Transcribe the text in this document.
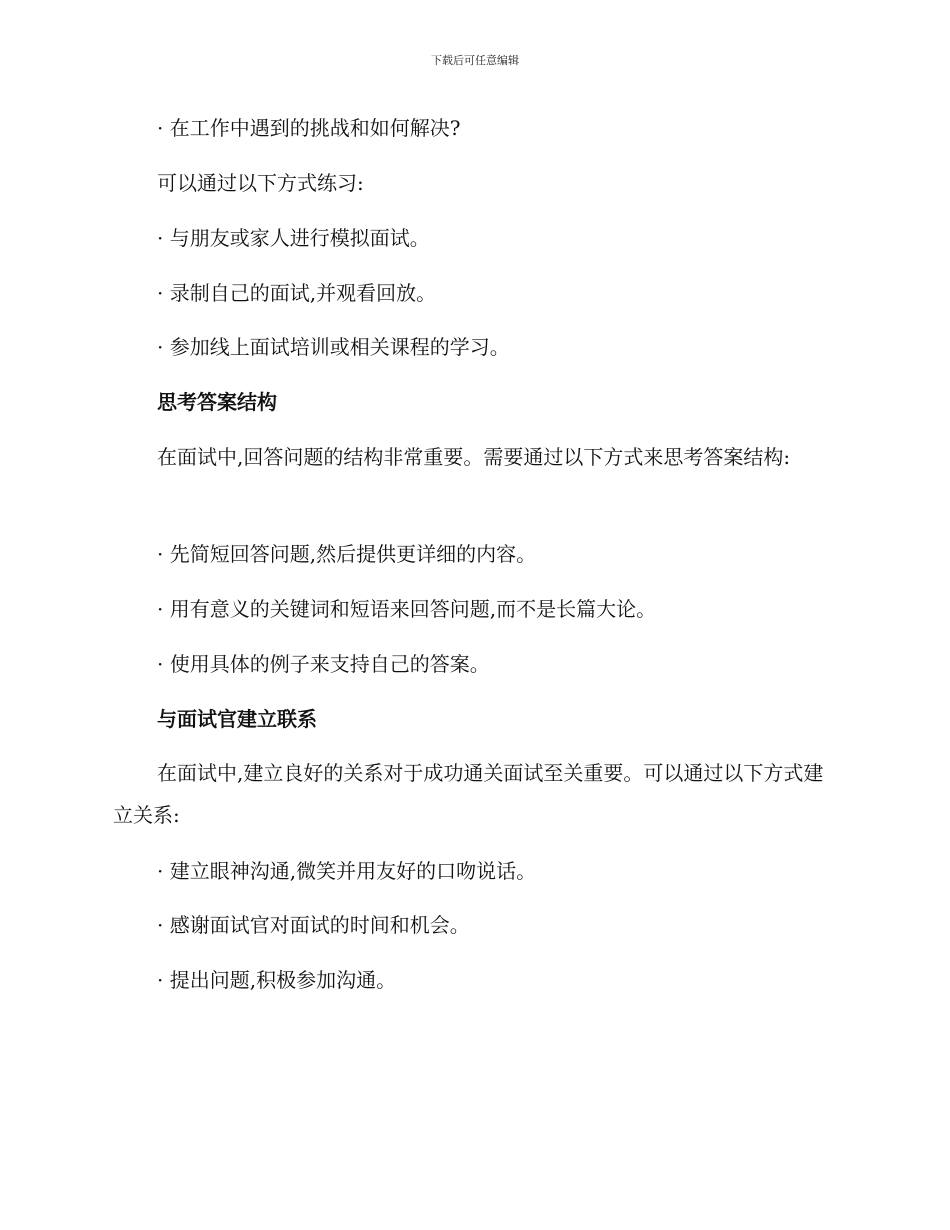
下载后可任意编辑
· 在工作中遇到的挑战和如何解决?
可以通过以下方式练习:
· 与朋友或家人进行模拟面试。
· 录制自己的面试,并观看回放。
· 参加线上面试培训或相关课程的学习。
思考答案结构
在面试中,回答问题的结构非常重要。需要通过以下方式来思考答案结构:
· 先简短回答问题,然后提供更详细的内容。
· 用有意义的关键词和短语来回答问题,而不是长篇大论。
· 使用具体的例子来支持自己的答案。
与面试官建立联系
在面试中,建立良好的关系对于成功通关面试至关重要。可以通过以下方式建立关系:
· 建立眼神沟通,微笑并用友好的口吻说话。
· 感谢面试官对面试的时间和机会。
· 提出问题,积极参加沟通。
